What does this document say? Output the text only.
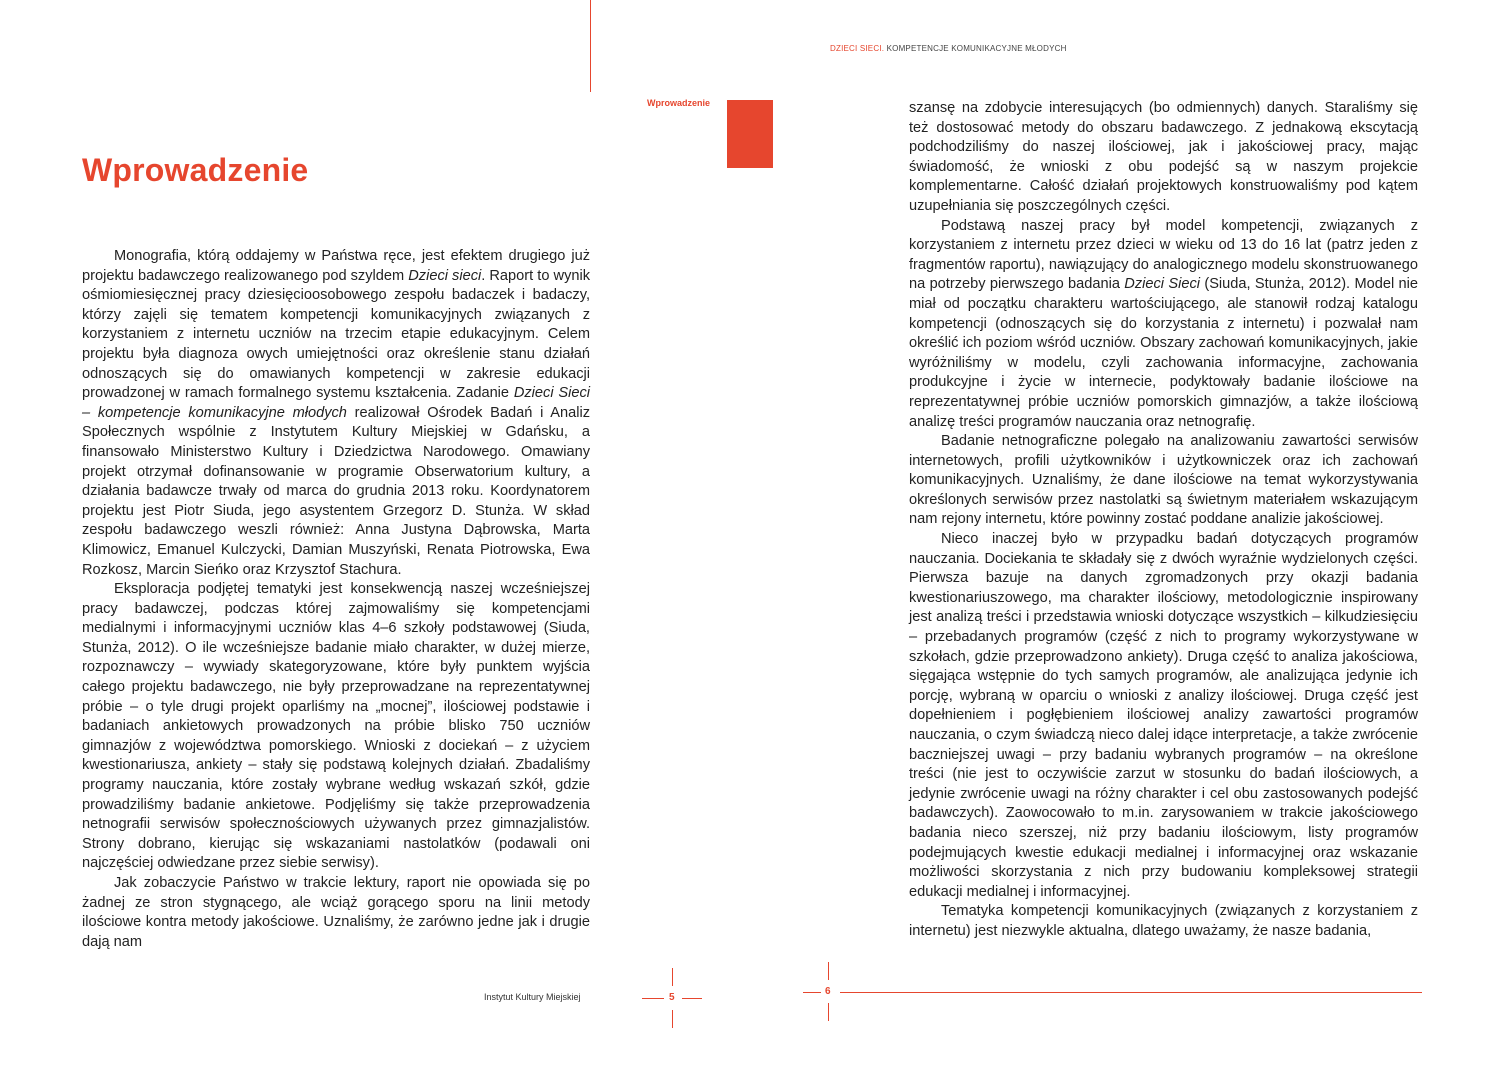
Wprowadzenie

Monografia, którą oddajemy w Państwa ręce, jest efektem drugiego już projektu badawczego realizowanego pod szyldem Dzieci sieci. Raport to wynik ośmiomiesięcznej pracy dziesięcioosobowego zespołu badaczek i badaczy, którzy zajęli się tematem kompetencji komunikacyjnych związanych z korzystaniem z internetu uczniów na trzecim etapie edukacyjnym. Celem projektu była diagnoza owych umiejętności oraz określenie stanu działań odnoszących się do omawianych kompetencji w zakresie edukacji prowadzonej w ramach formalnego systemu kształcenia. Zadanie Dzieci Sieci – kompetencje komunikacyjne młodych realizował Ośrodek Badań i Analiz Społecznych wspólnie z Instytutem Kultury Miejskiej w Gdańsku, a finansowało Ministerstwo Kultury i Dziedzictwa Narodowego. Omawiany projekt otrzymał dofinansowanie w programie Obserwatorium kultury, a działania badawcze trwały od marca do grudnia 2013 roku. Koordynatorem projektu jest Piotr Siuda, jego asystentem Grzegorz D. Stunża. W skład zespołu badawczego weszli również: Anna Justyna Dąbrowska, Marta Klimowicz, Emanuel Kulczycki, Damian Muszyński, Renata Piotrowska, Ewa Rozkosz, Marcin Sieńko oraz Krzysztof Stachura.

Eksploracja podjętej tematyki jest konsekwencją naszej wcześniejszej pracy badawczej, podczas której zajmowaliśmy się kompetencjami medialnymi i informacyjnymi uczniów klas 4–6 szkoły podstawowej (Siuda, Stunża, 2012). O ile wcześniejsze badanie miało charakter, w dużej mierze, rozpoznawczy – wywiady skategoryzowane, które były punktem wyjścia całego projektu badawczego, nie były przeprowadzane na reprezentatywnej próbie – o tyle drugi projekt oparliśmy na „mocnej”, ilościowej podstawie i badaniach ankietowych prowadzonych na próbie blisko 750 uczniów gimnazjów z województwa pomorskiego. Wnioski z dociekań – z użyciem kwestionariusza, ankiety – stały się podstawą kolejnych działań. Zbadaliśmy programy nauczania, które zostały wybrane według wskazań szkół, gdzie prowadziliśmy badanie ankietowe. Podjęliśmy się także przeprowadzenia netnografii serwisów społecznościowych używanych przez gimnazjalistów. Strony dobrano, kierując się wskazaniami nastolatków (podawali oni najczęściej odwiedzane przez siebie serwisy).

Jak zobaczycie Państwo w trakcie lektury, raport nie opowiada się po żadnej ze stron stygnącego, ale wciąż gorącego sporu na linii metody ilościowe kontra metody jakościowe. Uznaliśmy, że zarówno jedne jak i drugie dają nam

Instytut Kultury Miejskiej	5
DZIECI SIECI. KOMPETENCJE KOMUNIKACYJNE MŁODYCH
Wprowadzenie	szansę na zdobycie interesujących (bo odmiennych) danych. Staraliśmy się też dostosować metody do obszaru badawczego. Z jednakową ekscytacją podchodziliśmy do naszej ilościowej, jak i jakościowej pracy, mając świadomość, że wnioski z obu podejść są w naszym projekcie komplementarne. Całość działań projektowych konstruowaliśmy pod kątem uzupełniania się poszczególnych części.

Podstawą naszej pracy był model kompetencji, związanych z korzystaniem z internetu przez dzieci w wieku od 13 do 16 lat (patrz jeden z fragmentów raportu), nawiązujący do analogicznego modelu skonstruowanego na potrzeby pierwszego badania Dzieci Sieci (Siuda, Stunża, 2012). Model nie miał od początku charakteru wartościującego, ale stanowił rodzaj katalogu kompetencji (odnoszących się do korzystania z internetu) i pozwalał nam określić ich poziom wśród uczniów. Obszary zachowań komunikacyjnych, jakie wyróżniliśmy w modelu, czyli zachowania informacyjne, zachowania produkcyjne i życie w internecie, podyktowały badanie ilościowe na reprezentatywnej próbie uczniów pomorskich gimnazjów, a także ilościową analizę treści programów nauczania oraz netnografię.

Badanie netnograficzne polegało na analizowaniu zawartości serwisów internetowych, profili użytkowników i użytkowniczek oraz ich zachowań komunikacyjnych. Uznaliśmy, że dane ilościowe na temat wykorzystywania określonych serwisów przez nastolatki są świetnym materiałem wskazującym nam rejony internetu, które powinny zostać poddane analizie jakościowej.

Nieco inaczej było w przypadku badań dotyczących programów nauczania. Dociekania te składały się z dwóch wyraźnie wydzielonych części. Pierwsza bazuje na danych zgromadzonych przy okazji badania kwestionariuszowego, ma charakter ilościowy, metodologicznie inspirowany jest analizą treści i przedstawia wnioski dotyczące wszystkich – kilkudziesięciu – przebadanych programów (część z nich to programy wykorzystywane w szkołach, gdzie przeprowadzono ankiety). Druga część to analiza jakościowa, sięgająca wstępnie do tych samych programów, ale analizująca jedynie ich porcję, wybraną w oparciu o wnioski z analizy ilościowej. Druga część jest dopełnieniem i pogłębieniem ilościowej analizy zawartości programów nauczania, o czym świadczą nieco dalej idące interpretacje, a także zwrócenie baczniejszej uwagi – przy badaniu wybranych programów – na określone treści (nie jest to oczywiście zarzut w stosunku do badań ilościowych, a jedynie zwrócenie uwagi na różny charakter i cel obu zastosowanych podejść badawczych). Zaowocowało to m.in. zarysowaniem w trakcie jakościowego badania nieco szerszej, niż przy badaniu ilościowym, listy programów podejmujących kwestie edukacji medialnej i informacyjnej oraz wskazanie możliwości skorzystania z nich przy budowaniu kompleksowej strategii edukacji medialnej i informacyjnej.

Tematyka kompetencji komunikacyjnych (związanych z korzystaniem z internetu) jest niezwykle aktualna, dlatego uważamy, że nasze badania,

6
